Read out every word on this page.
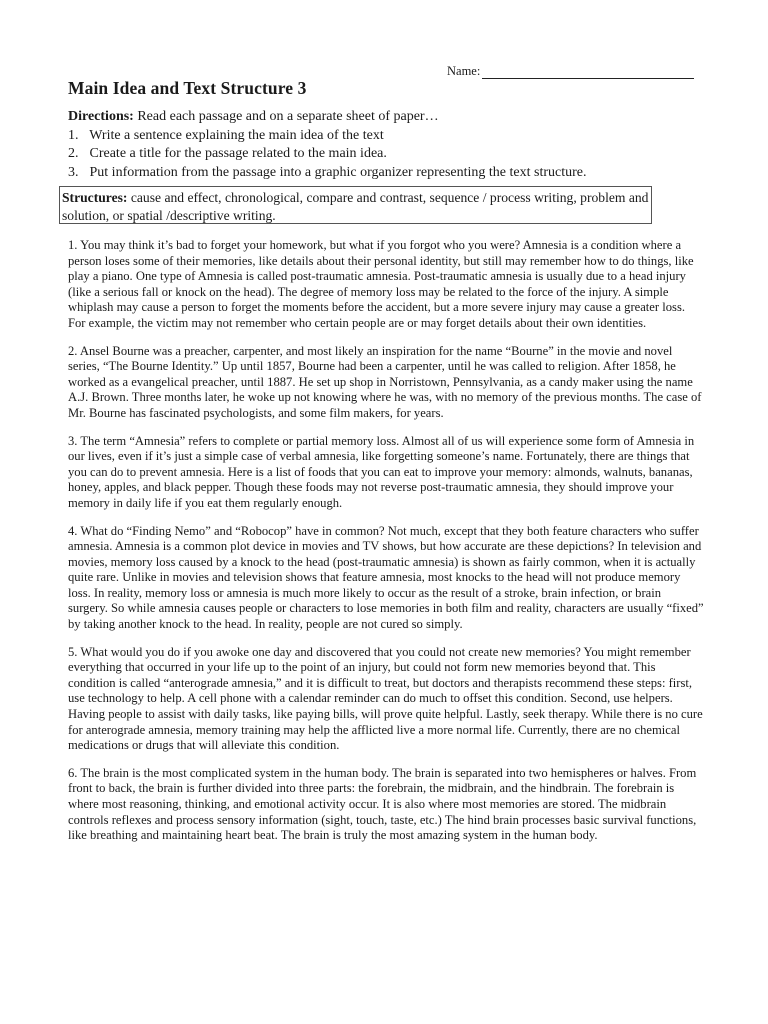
Name:
Main Idea and Text Structure 3
Directions: Read each passage and on a separate sheet of paper…
1. Write a sentence explaining the main idea of the text
2. Create a title for the passage related to the main idea.
3. Put information from the passage into a graphic organizer representing the text structure.
Structures: cause and effect, chronological, compare and contrast, sequence / process writing, problem and solution, or spatial /descriptive writing.

1. You may think it’s bad to forget your homework, but what if you forgot who you were? Amnesia is a condition where a person loses some of their memories, like details about their personal identity, but still may remember how to do things, like play a piano. One type of Amnesia is called post-traumatic amnesia. Post-traumatic amnesia is usually due to a head injury (like a serious fall or knock on the head). The degree of memory loss may be related to the force of the injury. A simple whiplash may cause a person to forget the moments before the accident, but a more severe injury may cause a greater loss. For example, the victim may not remember who certain people are or may forget details about their own identities.

2. Ansel Bourne was a preacher, carpenter, and most likely an inspiration for the name “Bourne” in the movie and novel series, “The Bourne Identity.” Up until 1857, Bourne had been a carpenter, until he was called to religion. After 1858, he worked as a evangelical preacher, until 1887. He set up shop in Norristown, Pennsylvania, as a candy maker using the name A.J. Brown. Three months later, he woke up not knowing where he was, with no memory of the previous months. The case of Mr. Bourne has fascinated psychologists, and some film makers, for years.

3. The term “Amnesia” refers to complete or partial memory loss. Almost all of us will experience some form of Amnesia in our lives, even if it’s just a simple case of verbal amnesia, like forgetting someone’s name. Fortunately, there are things that you can do to prevent amnesia. Here is a list of foods that you can eat to improve your memory: almonds, walnuts, bananas, honey, apples, and black pepper. Though these foods may not reverse post-traumatic amnesia, they should improve your memory in daily life if you eat them regularly enough.

4. What do “Finding Nemo” and “Robocop” have in common? Not much, except that they both feature characters who suffer amnesia. Amnesia is a common plot device in movies and TV shows, but how accurate are these depictions? In television and movies, memory loss caused by a knock to the head (post-traumatic amnesia) is shown as fairly common, when it is actually quite rare. Unlike in movies and television shows that feature amnesia, most knocks to the head will not produce memory loss. In reality, memory loss or amnesia is much more likely to occur as the result of a stroke, brain infection, or brain surgery. So while amnesia causes people or characters to lose memories in both film and reality, characters are usually “fixed” by taking another knock to the head. In reality, people are not cured so simply.

5. What would you do if you awoke one day and discovered that you could not create new memories? You might remember everything that occurred in your life up to the point of an injury, but could not form new memories beyond that. This condition is called “anterograde amnesia,” and it is difficult to treat, but doctors and therapists recommend these steps: first, use technology to help. A cell phone with a calendar reminder can do much to offset this condition. Second, use helpers. Having people to assist with daily tasks, like paying bills, will prove quite helpful. Lastly, seek therapy. While there is no cure for anterograde amnesia, memory training may help the afflicted live a more normal life. Currently, there are no chemical medications or drugs that will alleviate this condition.

6. The brain is the most complicated system in the human body. The brain is separated into two hemispheres or halves. From front to back, the brain is further divided into three parts: the forebrain, the midbrain, and the hindbrain. The forebrain is where most reasoning, thinking, and emotional activity occur. It is also where most memories are stored. The midbrain controls reflexes and process sensory information (sight, touch, taste, etc.) The hind brain processes basic survival functions, like breathing and maintaining heart beat. The brain is truly the most amazing system in the human body.
